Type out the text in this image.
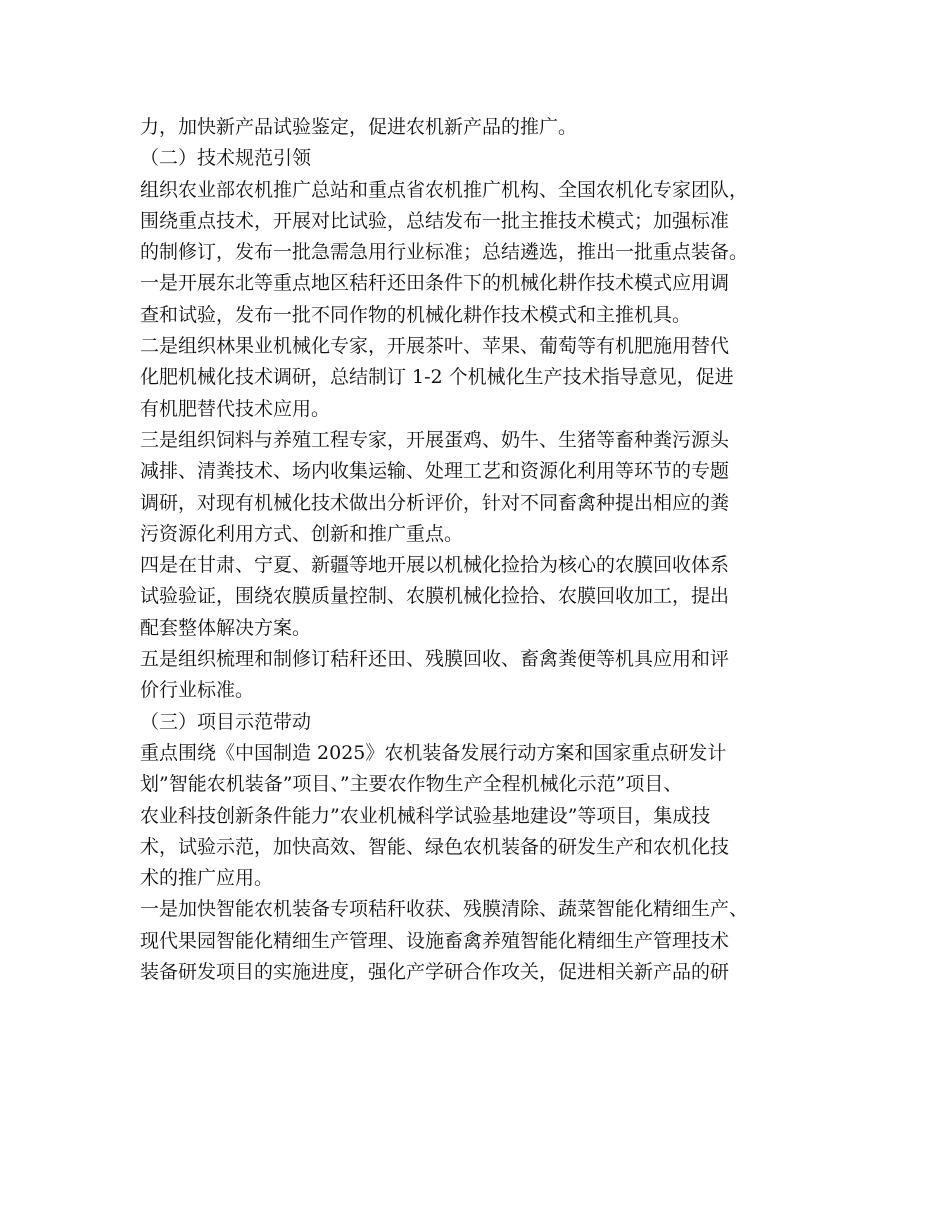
力，加快新产品试验鉴定，促进农机新产品的推广。
（二）技术规范引领
组织农业部农机推广总站和重点省农机推广机构、全国农机化专家团队，
围绕重点技术，开展对比试验，总结发布一批主推技术模式；加强标准
的制修订，发布一批急需急用行业标准；总结遴选，推出一批重点装备。
一是开展东北等重点地区秸秆还田条件下的机械化耕作技术模式应用调
查和试验，发布一批不同作物的机械化耕作技术模式和主推机具。
二是组织林果业机械化专家，开展茶叶、苹果、葡萄等有机肥施用替代
化肥机械化技术调研，总结制订 1-2 个机械化生产技术指导意见，促进
有机肥替代技术应用。
三是组织饲料与养殖工程专家，开展蛋鸡、奶牛、生猪等畜种粪污源头
减排、清粪技术、场内收集运输、处理工艺和资源化利用等环节的专题
调研，对现有机械化技术做出分析评价，针对不同畜禽种提出相应的粪
污资源化利用方式、创新和推广重点。
四是在甘肃、宁夏、新疆等地开展以机械化捡拾为核心的农膜回收体系
试验验证，围绕农膜质量控制、农膜机械化捡拾、农膜回收加工，提出
配套整体解决方案。
五是组织梳理和制修订秸秆还田、残膜回收、畜禽粪便等机具应用和评
价行业标准。
（三）项目示范带动
重点围绕《中国制造 2025》农机装备发展行动方案和国家重点研发计
划”智能农机装备”项目、”主要农作物生产全程机械化示范”项目、
农业科技创新条件能力”农业机械科学试验基地建设”等项目，集成技
术，试验示范，加快高效、智能、绿色农机装备的研发生产和农机化技
术的推广应用。
一是加快智能农机装备专项秸秆收获、残膜清除、蔬菜智能化精细生产、
现代果园智能化精细生产管理、设施畜禽养殖智能化精细生产管理技术
装备研发项目的实施进度，强化产学研合作攻关，促进相关新产品的研
